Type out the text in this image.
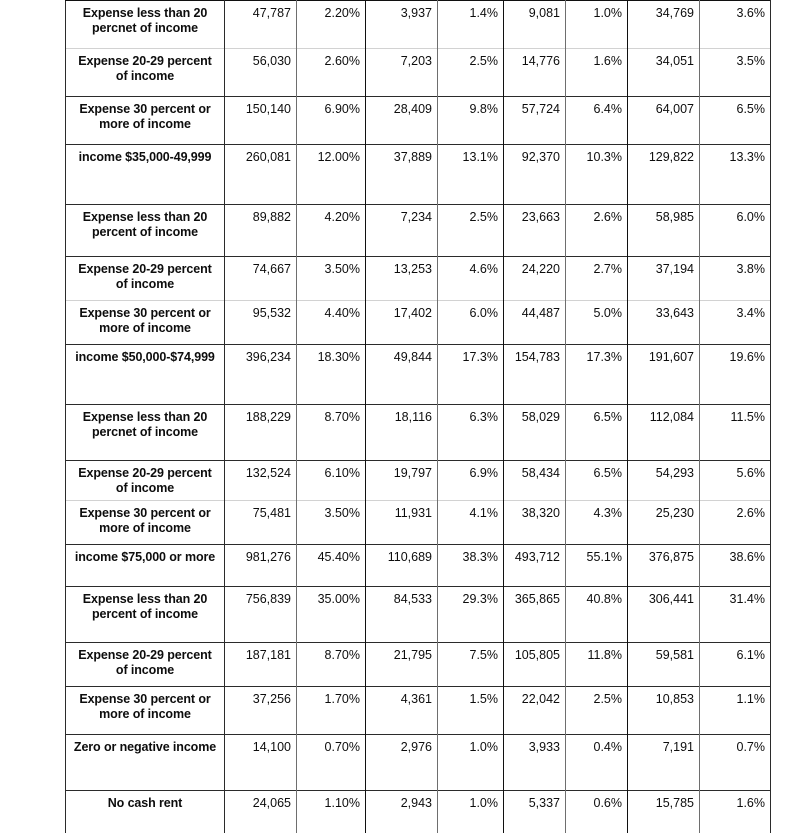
Expense less than 20 percnet of income	47,787	2.20%	3,937	1.4%	9,081	1.0%	34,769	3.6%

Expense 20-29 percent of income	56,030	2.60%	7,203	2.5%	14,776	1.6%	34,051	3.5%

Expense 30 percent or more of income	150,140	6.90%	28,409	9.8%	57,724	6.4%	64,007	6.5%

income $35,000-49,999	260,081	12.00%	37,889	13.1%	92,370	10.3%	129,822	13.3%

Expense less than 20 percent of income	89,882	4.20%	7,234	2.5%	23,663	2.6%	58,985	6.0%

Expense 20-29 percent of income	74,667	3.50%	13,253	4.6%	24,220	2.7%	37,194	3.8%

Expense 30 percent or more of income	95,532	4.40%	17,402	6.0%	44,487	5.0%	33,643	3.4%

income $50,000-$74,999	396,234	18.30%	49,844	17.3%	154,783	17.3%	191,607	19.6%

Expense less than 20 percnet of income	188,229	8.70%	18,116	6.3%	58,029	6.5%	112,084	11.5%

Expense 20-29 percent of income	132,524	6.10%	19,797	6.9%	58,434	6.5%	54,293	5.6%

Expense 30 percent or more of income	75,481	3.50%	11,931	4.1%	38,320	4.3%	25,230	2.6%

income $75,000 or more	981,276	45.40%	110,689	38.3%	493,712	55.1%	376,875	38.6%

Expense less than 20 percent of income	756,839	35.00%	84,533	29.3%	365,865	40.8%	306,441	31.4%

Expense 20-29 percent of income	187,181	8.70%	21,795	7.5%	105,805	11.8%	59,581	6.1%

Expense 30 percent or more of income	37,256	1.70%	4,361	1.5%	22,042	2.5%	10,853	1.1%

Zero or negative income	14,100	0.70%	2,976	1.0%	3,933	0.4%	7,191	0.7%

No cash rent	24,065	1.10%	2,943	1.0%	5,337	0.6%	15,785	1.6%
